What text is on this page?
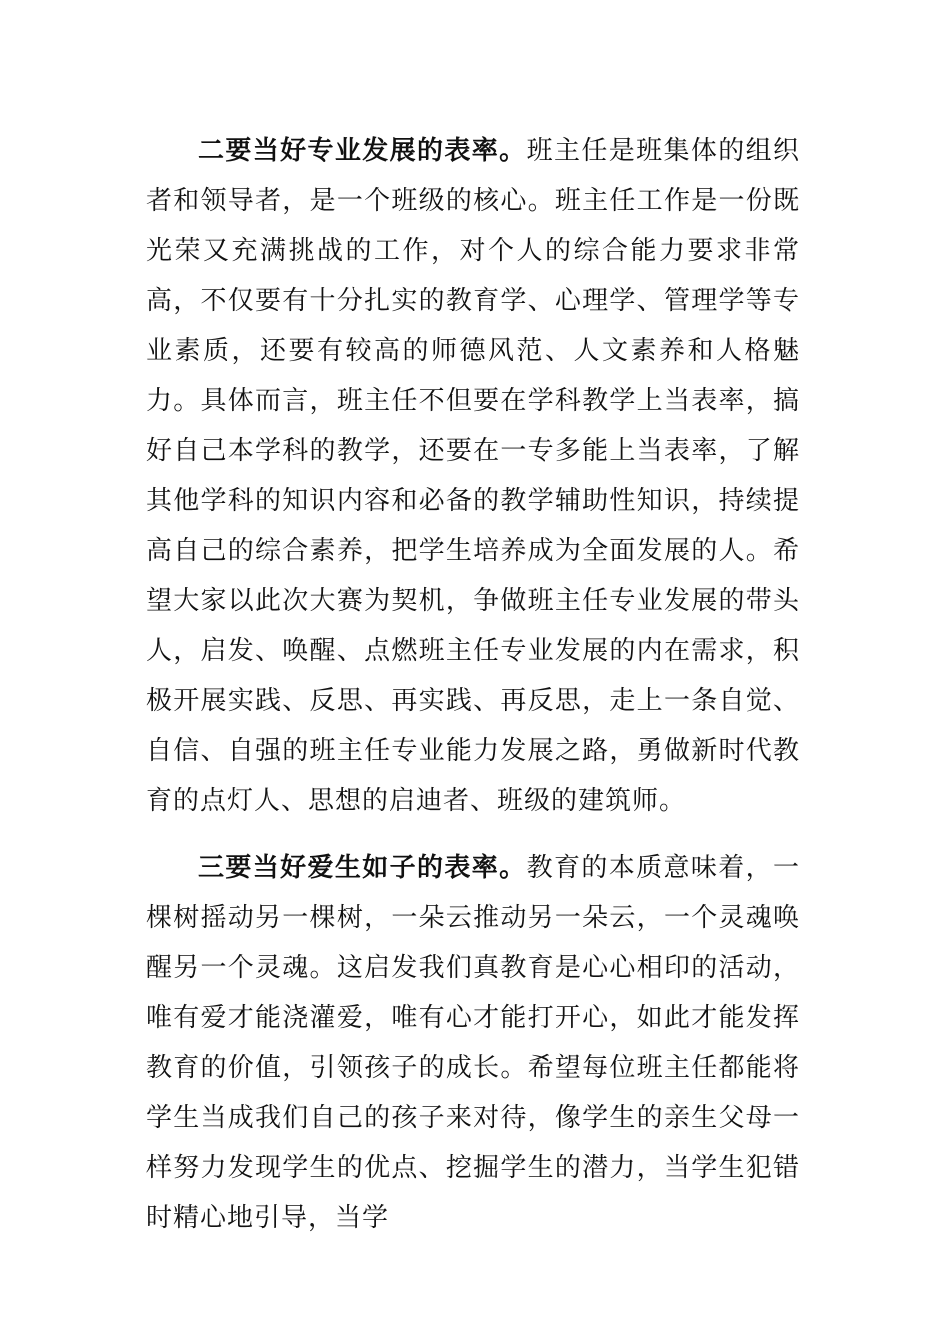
二要当好专业发展的表率。班主任是班集体的组织者和领导者，是一个班级的核心。班主任工作是一份既光荣又充满挑战的工作，对个人的综合能力要求非常高，不仅要有十分扎实的教育学、心理学、管理学等专业素质，还要有较高的师德风范、人文素养和人格魅力。具体而言，班主任不但要在学科教学上当表率，搞好自己本学科的教学，还要在一专多能上当表率，了解其他学科的知识内容和必备的教学辅助性知识，持续提高自己的综合素养，把学生培养成为全面发展的人。希望大家以此次大赛为契机，争做班主任专业发展的带头人，启发、唤醒、点燃班主任专业发展的内在需求，积极开展实践、反思、再实践、再反思，走上一条自觉、自信、自强的班主任专业能力发展之路，勇做新时代教育的点灯人、思想的启迪者、班级的建筑师。

三要当好爱生如子的表率。教育的本质意味着，一棵树摇动另一棵树，一朵云推动另一朵云，一个灵魂唤醒另一个灵魂。这启发我们真教育是心心相印的活动，唯有爱才能浇灌爱，唯有心才能打开心，如此才能发挥教育的价值，引领孩子的成长。希望每位班主任都能将学生当成我们自己的孩子来对待，像学生的亲生父母一样努力发现学生的优点、挖掘学生的潜力，当学生犯错时精心地引导，当学
